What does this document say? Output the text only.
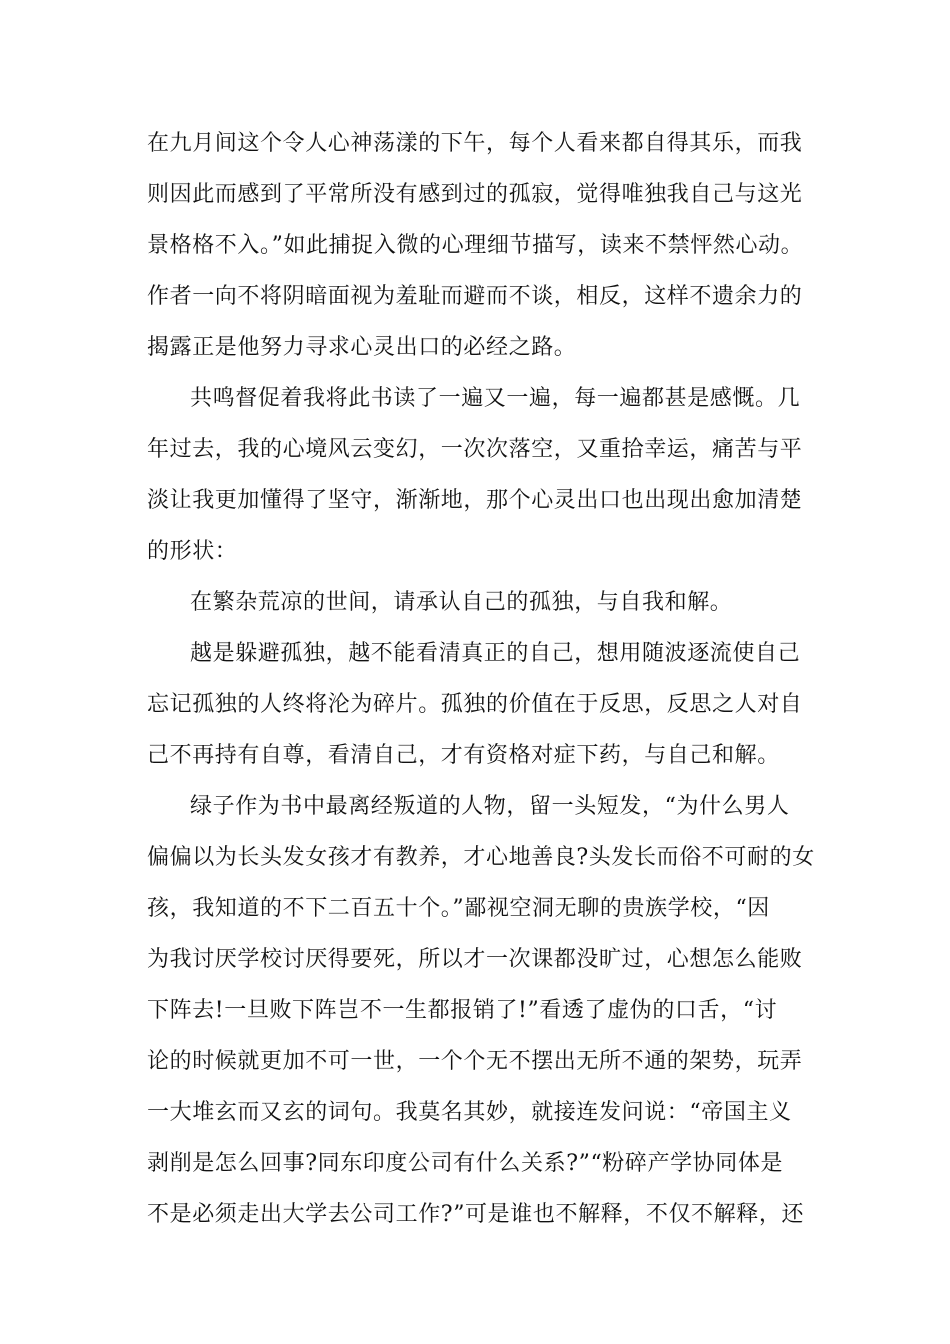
在九月间这个令人心神荡漾的下午，每个人看来都自得其乐，而我
则因此而感到了平常所没有感到过的孤寂，觉得唯独我自己与这光
景格格不入。”如此捕捉入微的心理细节描写，读来不禁怦然心动。
作者一向不将阴暗面视为羞耻而避而不谈，相反，这样不遗余力的
揭露正是他努力寻求心灵出口的必经之路。
共鸣督促着我将此书读了一遍又一遍，每一遍都甚是感慨。几
年过去，我的心境风云变幻，一次次落空，又重拾幸运，痛苦与平
淡让我更加懂得了坚守，渐渐地，那个心灵出口也出现出愈加清楚
的形状：
在繁杂荒凉的世间，请承认自己的孤独，与自我和解。
越是躲避孤独，越不能看清真正的自己，想用随波逐流使自己
忘记孤独的人终将沦为碎片。孤独的价值在于反思，反思之人对自
己不再持有自尊，看清自己，才有资格对症下药，与自己和解。
绿子作为书中最离经叛道的人物，留一头短发，“为什么男人
偏偏以为长头发女孩才有教养，才心地善良?头发长而俗不可耐的女
孩，我知道的不下二百五十个。”鄙视空洞无聊的贵族学校，“因
为我讨厌学校讨厌得要死，所以才一次课都没旷过，心想怎么能败
下阵去!一旦败下阵岂不一生都报销了!”看透了虚伪的口舌，“讨
论的时候就更加不可一世，一个个无不摆出无所不通的架势，玩弄
一大堆玄而又玄的词句。我莫名其妙，就接连发问说：“帝国主义
剥削是怎么回事?同东印度公司有什么关系?”“粉碎产学协同体是
不是必须走出大学去公司工作?”可是谁也不解释，不仅不解释，还
